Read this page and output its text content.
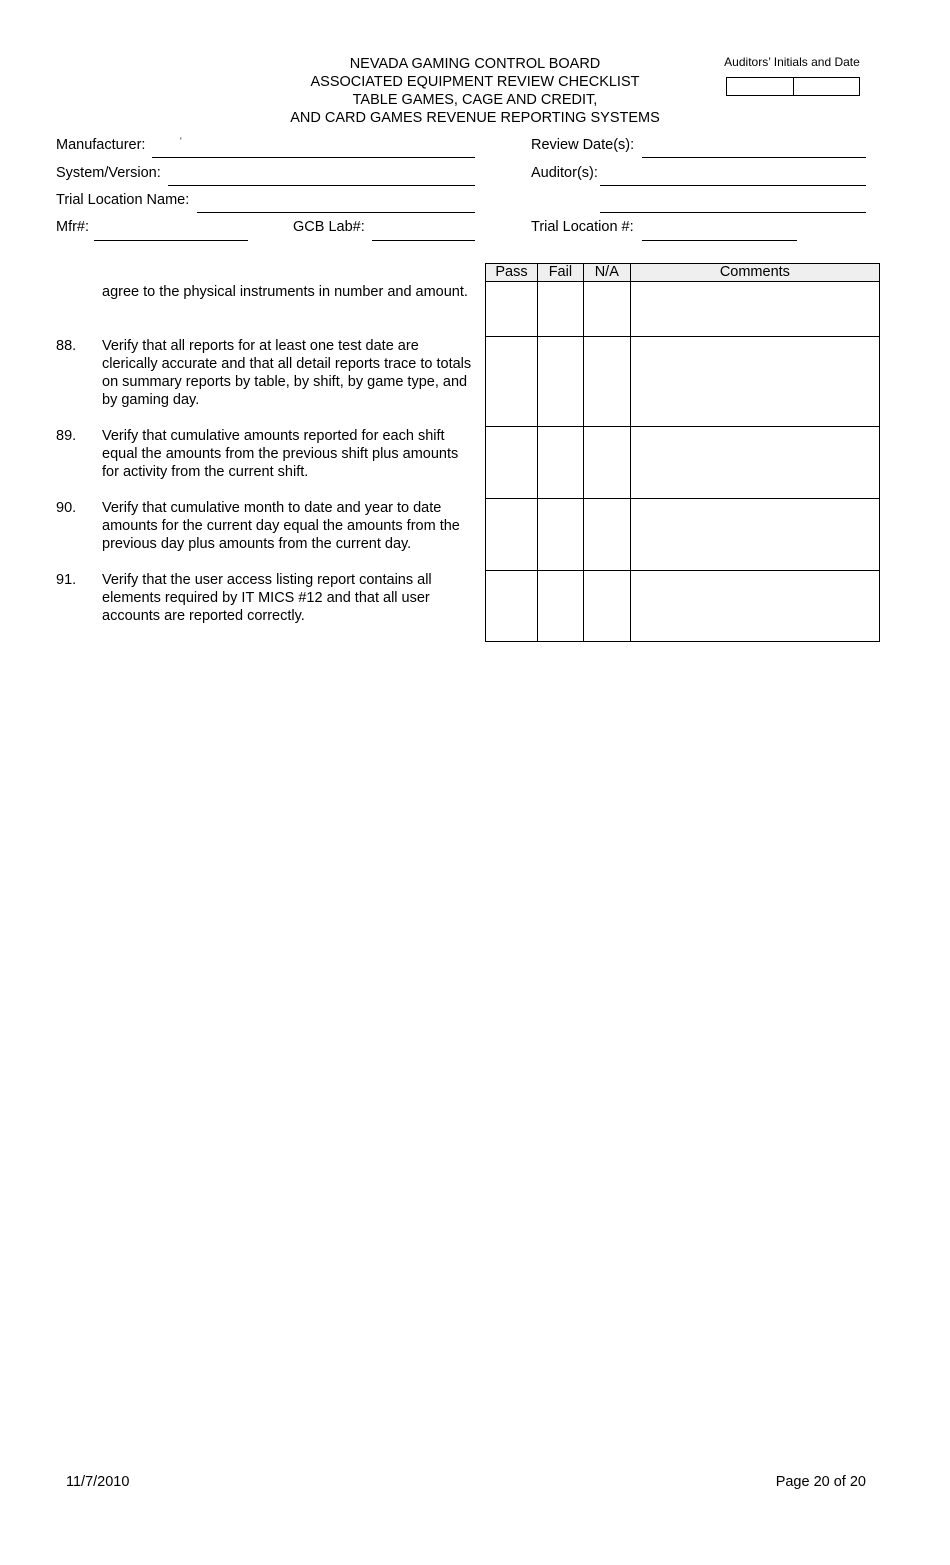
NEVADA GAMING CONTROL BOARD
ASSOCIATED EQUIPMENT REVIEW CHECKLIST
TABLE GAMES, CAGE AND CREDIT,
AND CARD GAMES REVENUE REPORTING SYSTEMS
Auditors’ Initials and Date
Manufacturer:	'
System/Version:
Trial Location Name:
Mfr#:	GCB Lab#:
Review Date(s):
Auditor(s):
Trial Location #:
Pass	Fail	N/A	Comments

agree to the physical instruments in number and amount.
88. Verify that all reports for at least one test date are clerically accurate and that all detail reports trace to totals on summary reports by table, by shift, by game type, and by gaming day.
89. Verify that cumulative amounts reported for each shift equal the amounts from the previous shift plus amounts for activity from the current shift.
90. Verify that cumulative month to date and year to date amounts for the current day equal the amounts from the previous day plus amounts from the current day.
91. Verify that the user access listing report contains all elements required by IT MICS #12 and that all user accounts are reported correctly.
11/7/2010	Page 20 of 20
